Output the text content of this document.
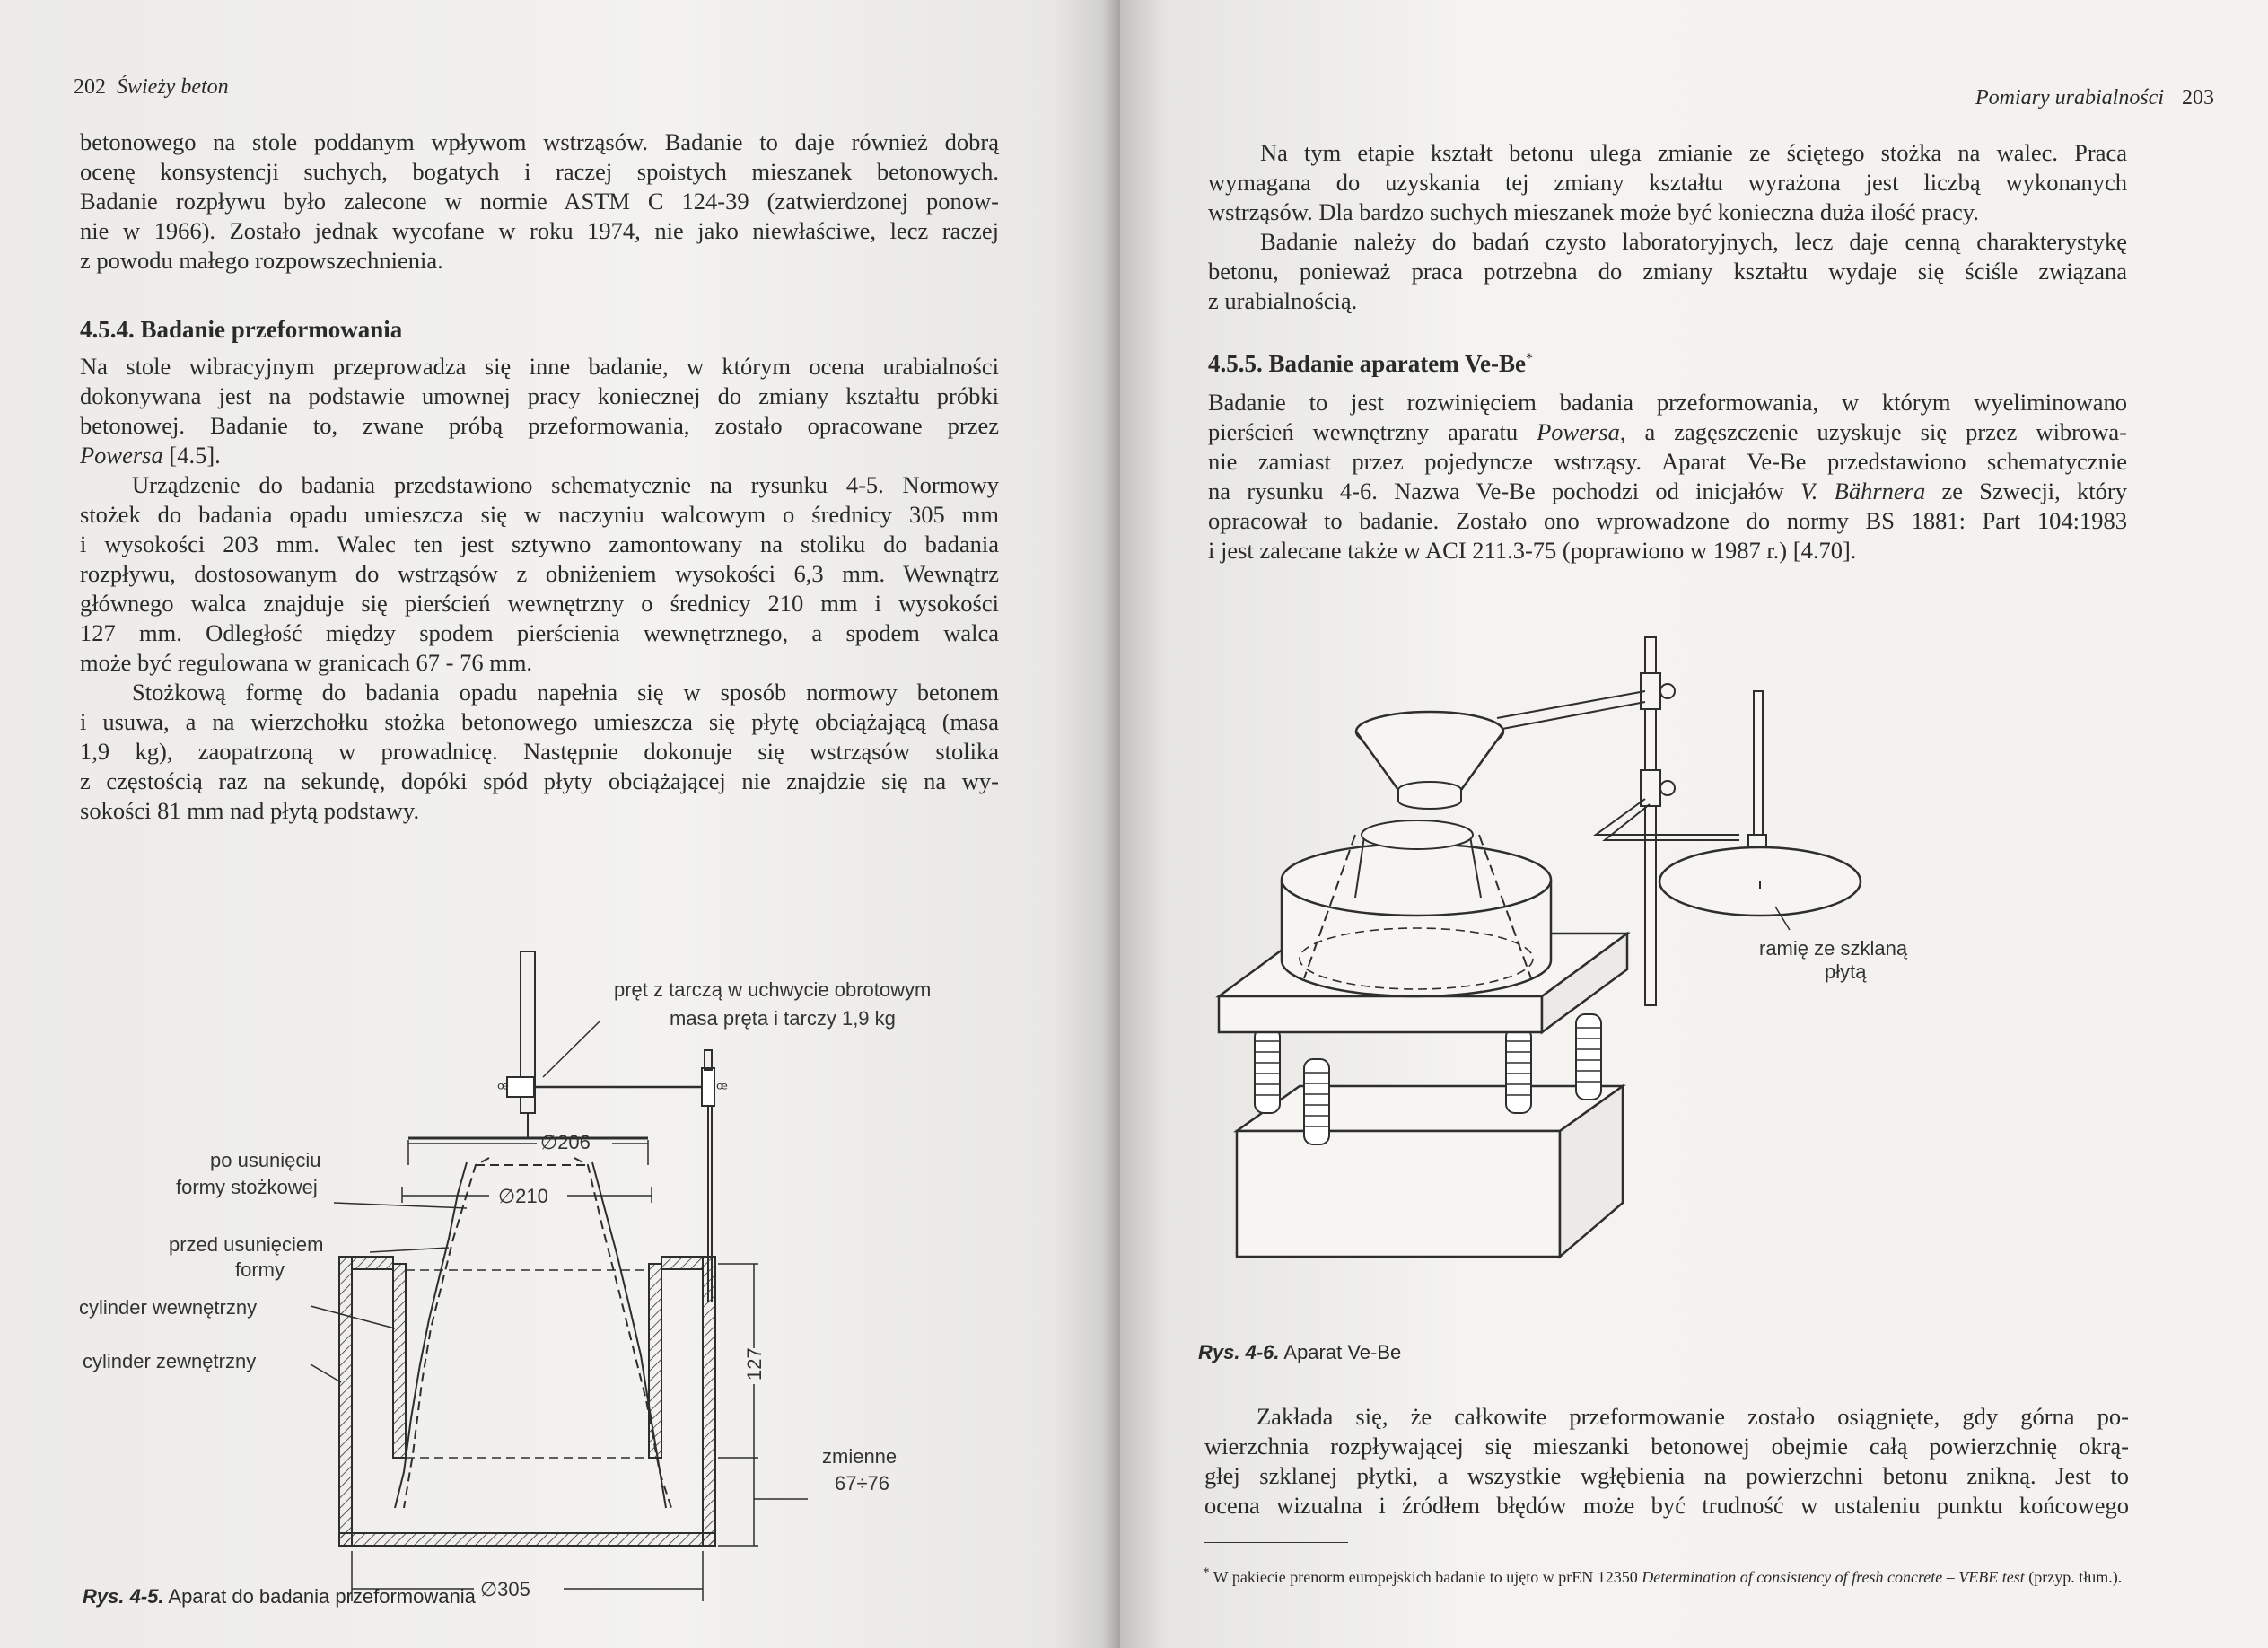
202 Świeży beton
betonowego na stole poddanym wpływom wstrząsów. Badanie to daje również dobrą
ocenę konsystencji suchych, bogatych i raczej spoistych mieszanek betonowych.
Badanie rozpływu było zalecone w normie ASTM C 124-39 (zatwierdzonej ponow-
nie w 1966). Zostało jednak wycofane w roku 1974, nie jako niewłaściwe, lecz raczej
z powodu małego rozpowszechnienia.
4.5.4. Badanie przeformowania
Na stole wibracyjnym przeprowadza się inne badanie, w którym ocena urabialności
dokonywana jest na podstawie umownej pracy koniecznej do zmiany kształtu próbki
betonowej. Badanie to, zwane próbą przeformowania, zostało opracowane przez
Powersa [4.5].
Urządzenie do badania przedstawiono schematycznie na rysunku 4-5. Normowy
stożek do badania opadu umieszcza się w naczyniu walcowym o średnicy 305 mm
i wysokości 203 mm. Walec ten jest sztywno zamontowany na stoliku do badania
rozpływu, dostosowanym do wstrząsów z obniżeniem wysokości 6,3 mm. Wewnątrz
głównego walca znajduje się pierścień wewnętrzny o średnicy 210 mm i wysokości
127 mm. Odległość między spodem pierścienia wewnętrznego, a spodem walca
może być regulowana w granicach 67 - 76 mm.
Stożkową formę do badania opadu napełnia się w sposób normowy betonem
i usuwa, a na wierzchołku stożka betonowego umieszcza się płytę obciążającą (masa
1,9 kg), zaopatrzoną w prowadnicę. Następnie dokonuje się wstrząsów stolika
z częstością raz na sekundę, dopóki spód płyty obciążającej nie znajdzie się na wy-
sokości 81 mm nad płytą podstawy.
ꟹ	ꟹ
∅206
∅210
127
∅305
pręt z tarczą w uchwycie obrotowym
masa pręta i tarczy 1,9 kg
po usunięciu
formy stożkowej
przed usunięciem
formy
cylinder wewnętrzny
cylinder zewnętrzny
zmienne
67÷76
Rys. 4-5. Aparat do badania przeformowania
Pomiary urabialności 203
Na tym etapie kształt betonu ulega zmianie ze ściętego stożka na walec. Praca
wymagana do uzyskania tej zmiany kształtu wyrażona jest liczbą wykonanych
wstrząsów. Dla bardzo suchych mieszanek może być konieczna duża ilość pracy.
Badanie należy do badań czysto laboratoryjnych, lecz daje cenną charakterystykę
betonu, ponieważ praca potrzebna do zmiany kształtu wydaje się ściśle związana
z urabialnością.
4.5.5. Badanie aparatem Ve-Be*
Badanie to jest rozwinięciem badania przeformowania, w którym wyeliminowano
pierścień wewnętrzny aparatu Powersa, a zagęszczenie uzyskuje się przez wibrowa-
nie zamiast przez pojedyncze wstrząsy. Aparat Ve-Be przedstawiono schematycznie
na rysunku 4-6. Nazwa Ve-Be pochodzi od inicjałów V. Bährnera ze Szwecji, który
opracował to badanie. Zostało ono wprowadzone do normy BS 1881: Part 104:1983
i jest zalecane także w ACI 211.3-75 (poprawiono w 1987 r.) [4.70].
ramię ze szklaną
płytą
Rys. 4-6. Aparat Ve-Be
Zakłada się, że całkowite przeformowanie zostało osiągnięte, gdy górna po-
wierzchnia rozpływającej się mieszanki betonowej obejmie całą powierzchnię okrą-
głej szklanej płytki, a wszystkie wgłębienia na powierzchni betonu znikną. Jest to
ocena wizualna i źródłem błędów może być trudność w ustaleniu punktu końcowego
* W pakiecie prenorm europejskich badanie to ujęto w prEN 12350 Determination of consistency of fresh concrete – VEBE test (przyp. tłum.).
